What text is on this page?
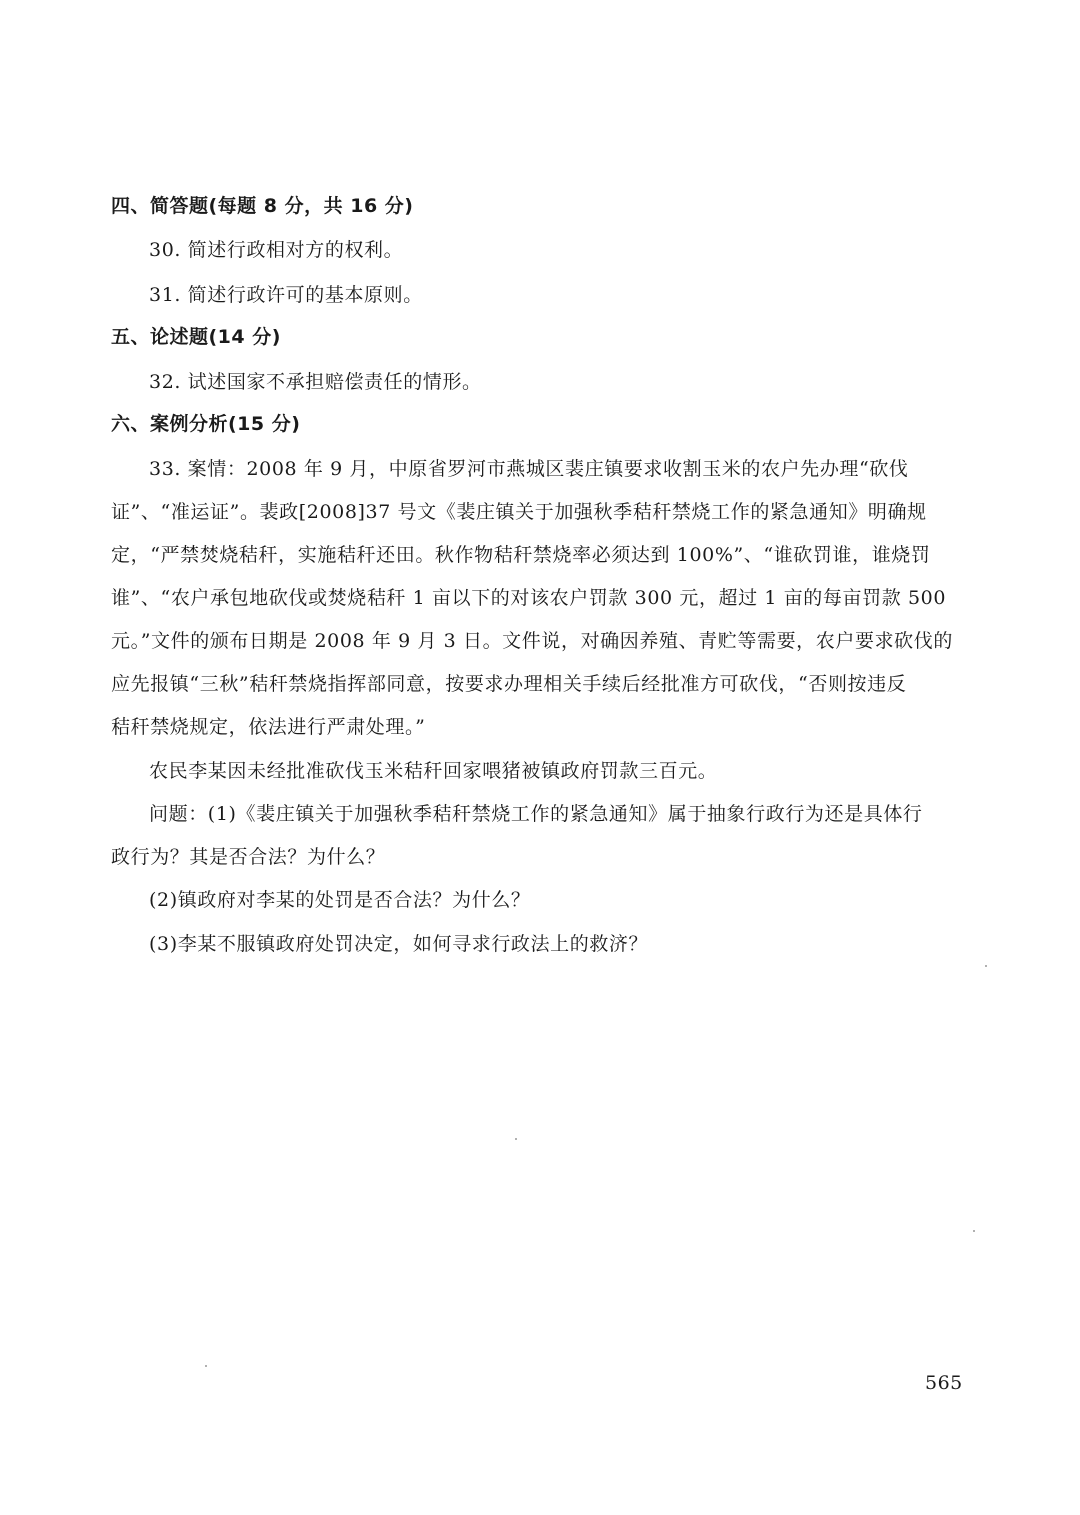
四、简答题(每题 8 分，共 16 分)
30. 简述行政相对方的权利。
31. 简述行政许可的基本原则。
五、论述题(14 分)
32. 试述国家不承担赔偿责任的情形。
六、案例分析(15 分)
33. 案情：2008 年 9 月，中原省罗河市燕城区裴庄镇要求收割玉米的农户先办理“砍伐
证”、“准运证”。裴政[2008]37 号文《裴庄镇关于加强秋季秸秆禁烧工作的紧急通知》明确规
定，“严禁焚烧秸秆，实施秸秆还田。秋作物秸秆禁烧率必须达到 100%”、“谁砍罚谁，谁烧罚
谁”、“农户承包地砍伐或焚烧秸秆 1 亩以下的对该农户罚款 300 元，超过 1 亩的每亩罚款 500
元。”文件的颁布日期是 2008 年 9 月 3 日。文件说，对确因养殖、青贮等需要，农户要求砍伐的
应先报镇“三秋”秸秆禁烧指挥部同意，按要求办理相关手续后经批准方可砍伐，“否则按违反
秸秆禁烧规定，依法进行严肃处理。”
农民李某因未经批准砍伐玉米秸秆回家喂猪被镇政府罚款三百元。
问题：(1)《裴庄镇关于加强秋季秸秆禁烧工作的紧急通知》属于抽象行政行为还是具体行
政行为？其是否合法？为什么？
(2)镇政府对李某的处罚是否合法？为什么？
(3)李某不服镇政府处罚决定，如何寻求行政法上的救济？
565
